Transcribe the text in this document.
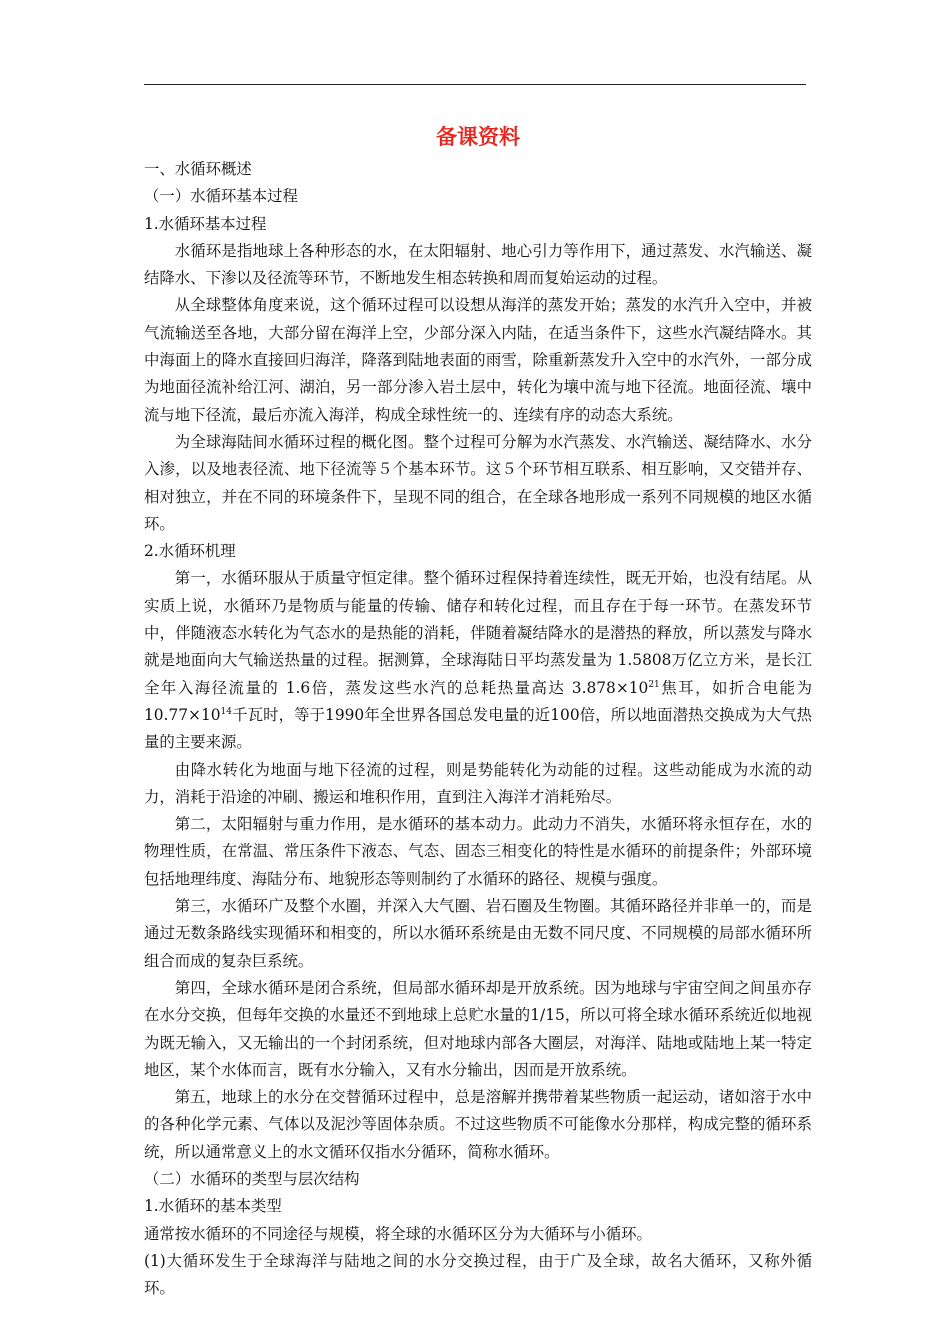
备课资料

一、水循环概述

（一）水循环基本过程

1.水循环基本过程

水循环是指地球上各种形态的水，在太阳辐射、地心引力等作用下，通过蒸发、水汽输送、凝结降水、下渗以及径流等环节，不断地发生相态转换和周而复始运动的过程。

从全球整体角度来说，这个循环过程可以设想从海洋的蒸发开始；蒸发的水汽升入空中，并被气流输送至各地，大部分留在海洋上空，少部分深入内陆，在适当条件下，这些水汽凝结降水。其中海面上的降水直接回归海洋，降落到陆地表面的雨雪，除重新蒸发升入空中的水汽外，一部分成为地面径流补给江河、湖泊，另一部分渗入岩土层中，转化为壤中流与地下径流。地面径流、壤中流与地下径流，最后亦流入海洋，构成全球性统一的、连续有序的动态大系统。

为全球海陆间水循环过程的概化图。整个过程可分解为水汽蒸发、水汽输送、凝结降水、水分入渗，以及地表径流、地下径流等５个基本环节。这５个环节相互联系、相互影响，又交错并存、相对独立，并在不同的环境条件下，呈现不同的组合，在全球各地形成一系列不同规模的地区水循环。

2.水循环机理

第一，水循环服从于质量守恒定律。整个循环过程保持着连续性，既无开始，也没有结尾。从实质上说，水循环乃是物质与能量的传输、储存和转化过程，而且存在于每一环节。在蒸发环节中，伴随液态水转化为气态水的是热能的消耗，伴随着凝结降水的是潜热的释放，所以蒸发与降水就是地面向大气输送热量的过程。据测算，全球海陆日平均蒸发量为 1.5808万亿立方米，是长江全年入海径流量的 1.6倍，蒸发这些水汽的总耗热量高达 $3.878\times 10^{21}$焦耳，如折合电能为$10.77\times 10^{14}$千瓦时，等于1990年全世界各国总发电量的近100倍，所以地面潜热交换成为大气热量的主要来源。

由降水转化为地面与地下径流的过程，则是势能转化为动能的过程。这些动能成为水流的动力，消耗于沿途的冲刷、搬运和堆积作用，直到注入海洋才消耗殆尽。

第二，太阳辐射与重力作用，是水循环的基本动力。此动力不消失，水循环将永恒存在，水的物理性质，在常温、常压条件下液态、气态、固态三相变化的特性是水循环的前提条件；外部环境包括地理纬度、海陆分布、地貌形态等则制约了水循环的路径、规模与强度。

第三，水循环广及整个水圈，并深入大气圈、岩石圈及生物圈。其循环路径并非单一的，而是通过无数条路线实现循环和相变的，所以水循环系统是由无数不同尺度、不同规模的局部水循环所组合而成的复杂巨系统。

第四，全球水循环是闭合系统，但局部水循环却是开放系统。因为地球与宇宙空间之间虽亦存在水分交换，但每年交换的水量还不到地球上总贮水量的1/15，所以可将全球水循环系统近似地视为既无输入，又无输出的一个封闭系统，但对地球内部各大圈层，对海洋、陆地或陆地上某一特定地区，某个水体而言，既有水分输入，又有水分输出，因而是开放系统。

第五，地球上的水分在交替循环过程中，总是溶解并携带着某些物质一起运动，诸如溶于水中的各种化学元素、气体以及泥沙等固体杂质。不过这些物质不可能像水分那样，构成完整的循环系统，所以通常意义上的水文循环仅指水分循环，简称水循环。

（二）水循环的类型与层次结构

1.水循环的基本类型

通常按水循环的不同途径与规模，将全球的水循环区分为大循环与小循环。

(1)大循环发生于全球海洋与陆地之间的水分交换过程，由于广及全球，故名大循环，又称外循环。
